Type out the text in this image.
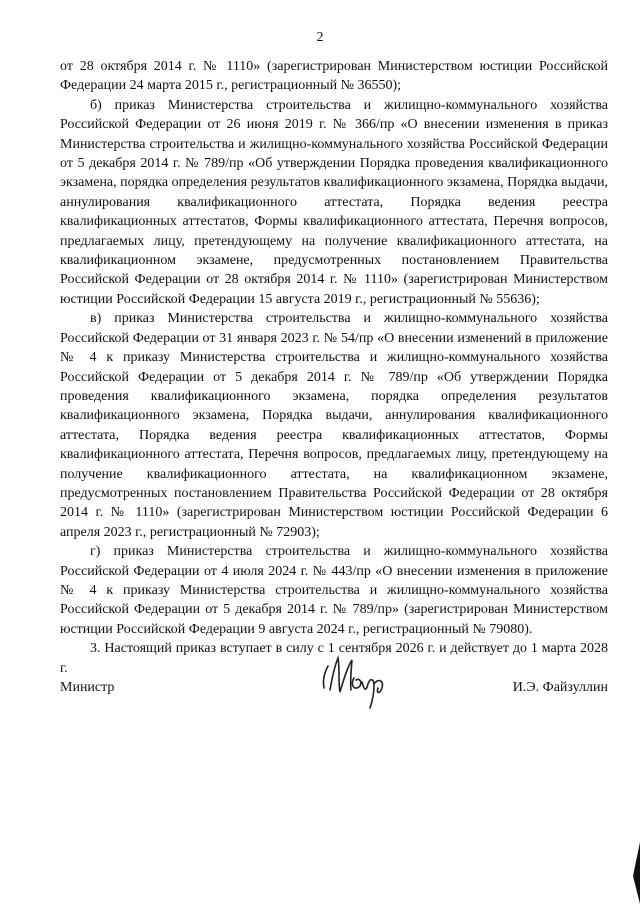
2

от 28 октября 2014 г. № 1110» (зарегистрирован Министерством юстиции Российской Федерации 24 марта 2015 г., регистрационный № 36550);

б) приказ Министерства строительства и жилищно-коммунального хозяйства Российской Федерации от 26 июня 2019 г. № 366/пр «О внесении изменения в приказ Министерства строительства и жилищно-коммунального хозяйства Российской Федерации от 5 декабря 2014 г. № 789/пр «Об утверждении Порядка проведения квалификационного экзамена, порядка определения результатов квалификационного экзамена, Порядка выдачи, аннулирования квалификационного аттестата, Порядка ведения реестра квалификационных аттестатов, Формы квалификационного аттестата, Перечня вопросов, предлагаемых лицу, претендующему на получение квалификационного аттестата, на квалификационном экзамене, предусмотренных постановлением Правительства Российской Федерации от 28 октября 2014 г. № 1110» (зарегистрирован Министерством юстиции Российской Федерации 15 августа 2019 г., регистрационный № 55636);

в) приказ Министерства строительства и жилищно-коммунального хозяйства Российской Федерации от 31 января 2023 г. № 54/пр «О внесении изменений в приложение № 4 к приказу Министерства строительства и жилищно-коммунального хозяйства Российской Федерации от 5 декабря 2014 г. № 789/пр «Об утверждении Порядка проведения квалификационного экзамена, порядка определения результатов квалификационного экзамена, Порядка выдачи, аннулирования квалификационного аттестата, Порядка ведения реестра квалификационных аттестатов, Формы квалификационного аттестата, Перечня вопросов, предлагаемых лицу, претендующему на получение квалификационного аттестата, на квалификационном экзамене, предусмотренных постановлением Правительства Российской Федерации от 28 октября 2014 г. № 1110» (зарегистрирован Министерством юстиции Российской Федерации 6 апреля 2023 г., регистрационный № 72903);

г) приказ Министерства строительства и жилищно-коммунального хозяйства Российской Федерации от 4 июля 2024 г. № 443/пр «О внесении изменения в приложение № 4 к приказу Министерства строительства и жилищно-коммунального хозяйства Российской Федерации от 5 декабря 2014 г. № 789/пр» (зарегистрирован Министерством юстиции Российской Федерации 9 августа 2024 г., регистрационный № 79080).

3. Настоящий приказ вступает в силу с 1 сентября 2026 г. и действует до 1 марта 2028 г.

Министр	И.Э. Файзуллин
